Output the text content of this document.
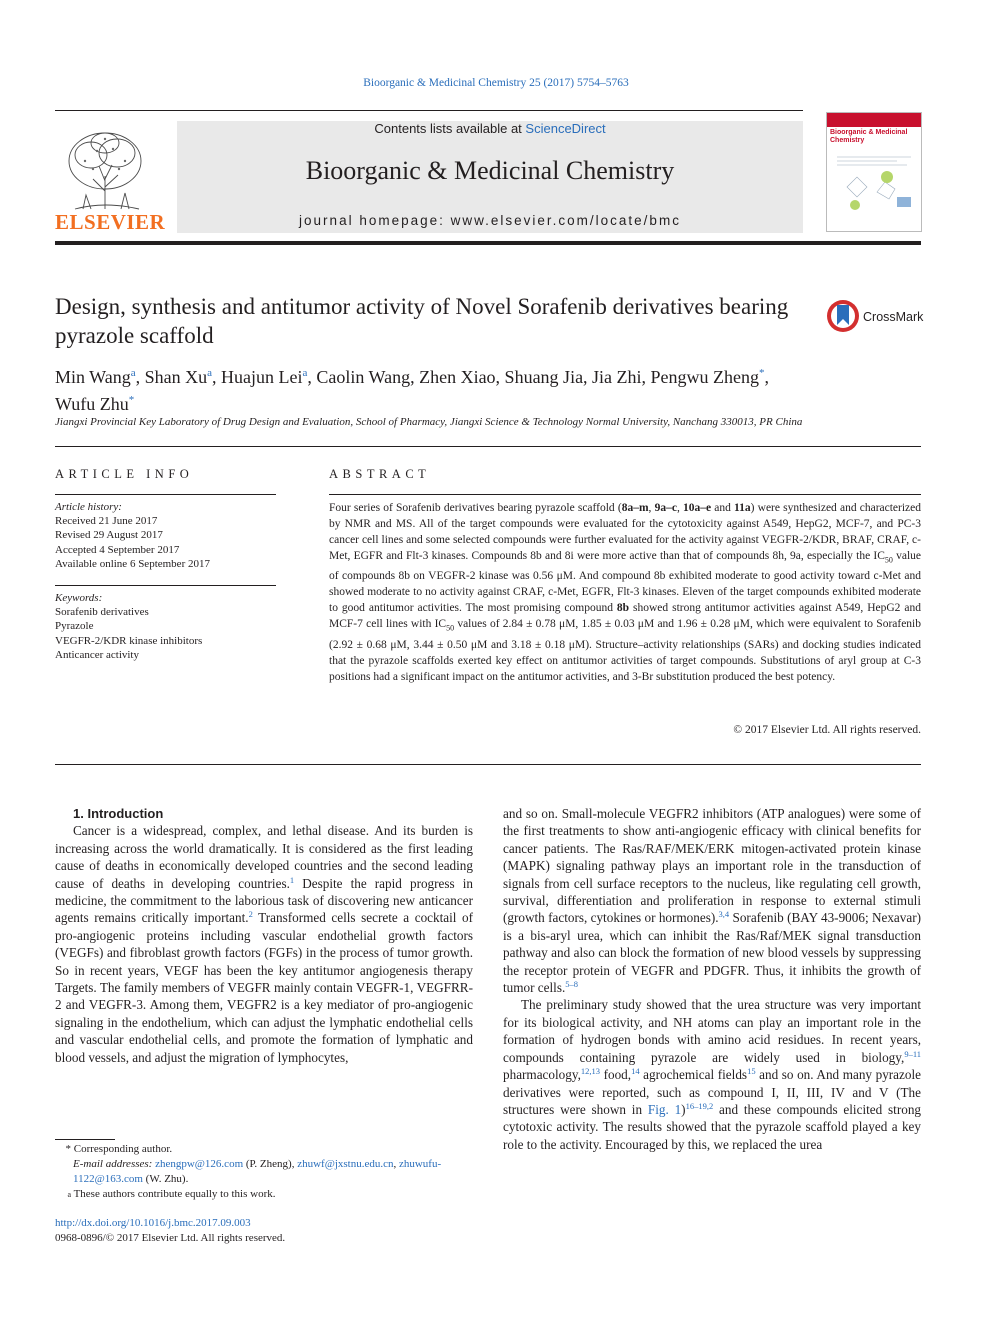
Bioorganic & Medicinal Chemistry 25 (2017) 5754–5763
ELSEVIER
Contents lists available at ScienceDirect
Bioorganic & Medicinal Chemistry
journal homepage: www.elsevier.com/locate/bmc
Bioorganic & Medicinal Chemistry
Design, synthesis and antitumor activity of Novel Sorafenib derivatives bearing pyrazole scaffold
CrossMark
Min Wang$^a$, Shan Xu$^a$, Huajun Lei$^a$, Caolin Wang, Zhen Xiao, Shuang Jia, Jia Zhi, Pengwu Zheng*,
Wufu Zhu*
Jiangxi Provincial Key Laboratory of Drug Design and Evaluation, School of Pharmacy, Jiangxi Science & Technology Normal University, Nanchang 330013, PR China
ARTICLE INFO
Article history:
Received 21 June 2017
Revised 29 August 2017
Accepted 4 September 2017
Available online 6 September 2017
Keywords:
Sorafenib derivatives
Pyrazole
VEGFR-2/KDR kinase inhibitors
Anticancer activity
ABSTRACT
Four series of Sorafenib derivatives bearing pyrazole scaffold (8a–m, 9a–c, 10a–e and 11a) were synthesized and characterized by NMR and MS. All of the target compounds were evaluated for the cytotoxicity against A549, HepG2, MCF-7, and PC-3 cancer cell lines and some selected compounds were further evaluated for the activity against VEGFR-2/KDR, BRAF, CRAF, c-Met, EGFR and Flt-3 kinases. Compounds 8b and 8i were more active than that of compounds 8h, 9a, especially the $IC_{50}$ value of compounds 8b on VEGFR-2 kinase was 0.56 μM. And compound 8b exhibited moderate to good activity toward c-Met and showed moderate to no activity against CRAF, c-Met, EGFR, Flt-3 kinases. Eleven of the target compounds exhibited moderate to good antitumor activities. The most promising compound 8b showed strong antitumor activities against A549, HepG2 and MCF-7 cell lines with $IC_{50}$ values of 2.84 ± 0.78 μM, 1.85 ± 0.03 μM and 1.96 ± 0.28 μM, which were equivalent to Sorafenib (2.92 ± 0.68 μM, 3.44 ± 0.50 μM and 3.18 ± 0.18 μM). Structure–activity relationships (SARs) and docking studies indicated that the pyrazole scaffolds exerted key effect on antitumor activities of target compounds. Substitutions of aryl group at C-3 positions had a significant impact on the antitumor activities, and 3-Br substitution produced the best potency.
© 2017 Elsevier Ltd. All rights reserved.

1. Introduction

Cancer is a widespread, complex, and lethal disease. And its burden is increasing across the world dramatically. It is considered as the first leading cause of deaths in economically developed countries and the second leading cause of deaths in developing countries.$^1$ Despite the rapid progress in medicine, the commitment to the laborious task of discovering new anticancer agents remains critically important.$^2$ Transformed cells secrete a cocktail of pro-angiogenic proteins including vascular endothelial growth factors (VEGFs) and fibroblast growth factors (FGFs) in the process of tumor growth. So in recent years, VEGF has been the key antitumor angiogenesis therapy Targets. The family members of VEGFR mainly contain VEGFR-1, VEGFRR-2 and VEGFR-3. Among them, VEGFR2 is a key mediator of pro-angiogenic signaling in the endothelium, which can adjust the lymphatic endothelial cells and vascular endothelial cells, and promote the formation of lymphatic and blood vessels, and adjust the migration of lymphocytes,

and so on. Small-molecule VEGFR2 inhibitors (ATP analogues) were some of the first treatments to show anti-angiogenic efficacy with clinical benefits for cancer patients. The Ras/RAF/MEK/ERK mitogen-activated protein kinase (MAPK) signaling pathway plays an important role in the transduction of signals from cell surface receptors to the nucleus, like regulating cell growth, survival, differentiation and proliferation in response to external stimuli (growth factors, cytokines or hormones).$^{3,4}$ Sorafenib (BAY 43-9006; Nexavar) is a bis-aryl urea, which can inhibit the Ras/Raf/MEK signal transduction pathway and also can block the formation of new blood vessels by suppressing the receptor protein of VEGFR and PDGFR. Thus, it inhibits the growth of tumor cells.$^{5-8}$

The preliminary study showed that the urea structure was very important for its biological activity, and NH atoms can play an important role in the formation of hydrogen bonds with amino acid residues. In recent years, compounds containing pyrazole are widely used in biology,$^{9-11}$ pharmacology,$^{12,13}$ food,$^{14}$ agrochemical fields$^{15}$ and so on. And many pyrazole derivatives were reported, such as compound I, II, III, IV and V (The structures were shown in Fig. 1)$^{16-19,2}$ and these compounds elicited strong cytotoxic activity. The results showed that the pyrazole scaffold played a key role to the activity. Encouraged by this, we replaced the urea

* Corresponding author.
E-mail addresses: zhengpw@126.com (P. Zheng), zhuwf@jxstnu.edu.cn, zhuwufu-1122@163.com (W. Zhu).
a These authors contribute equally to this work.
http://dx.doi.org/10.1016/j.bmc.2017.09.003
0968-0896/© 2017 Elsevier Ltd. All rights reserved.
